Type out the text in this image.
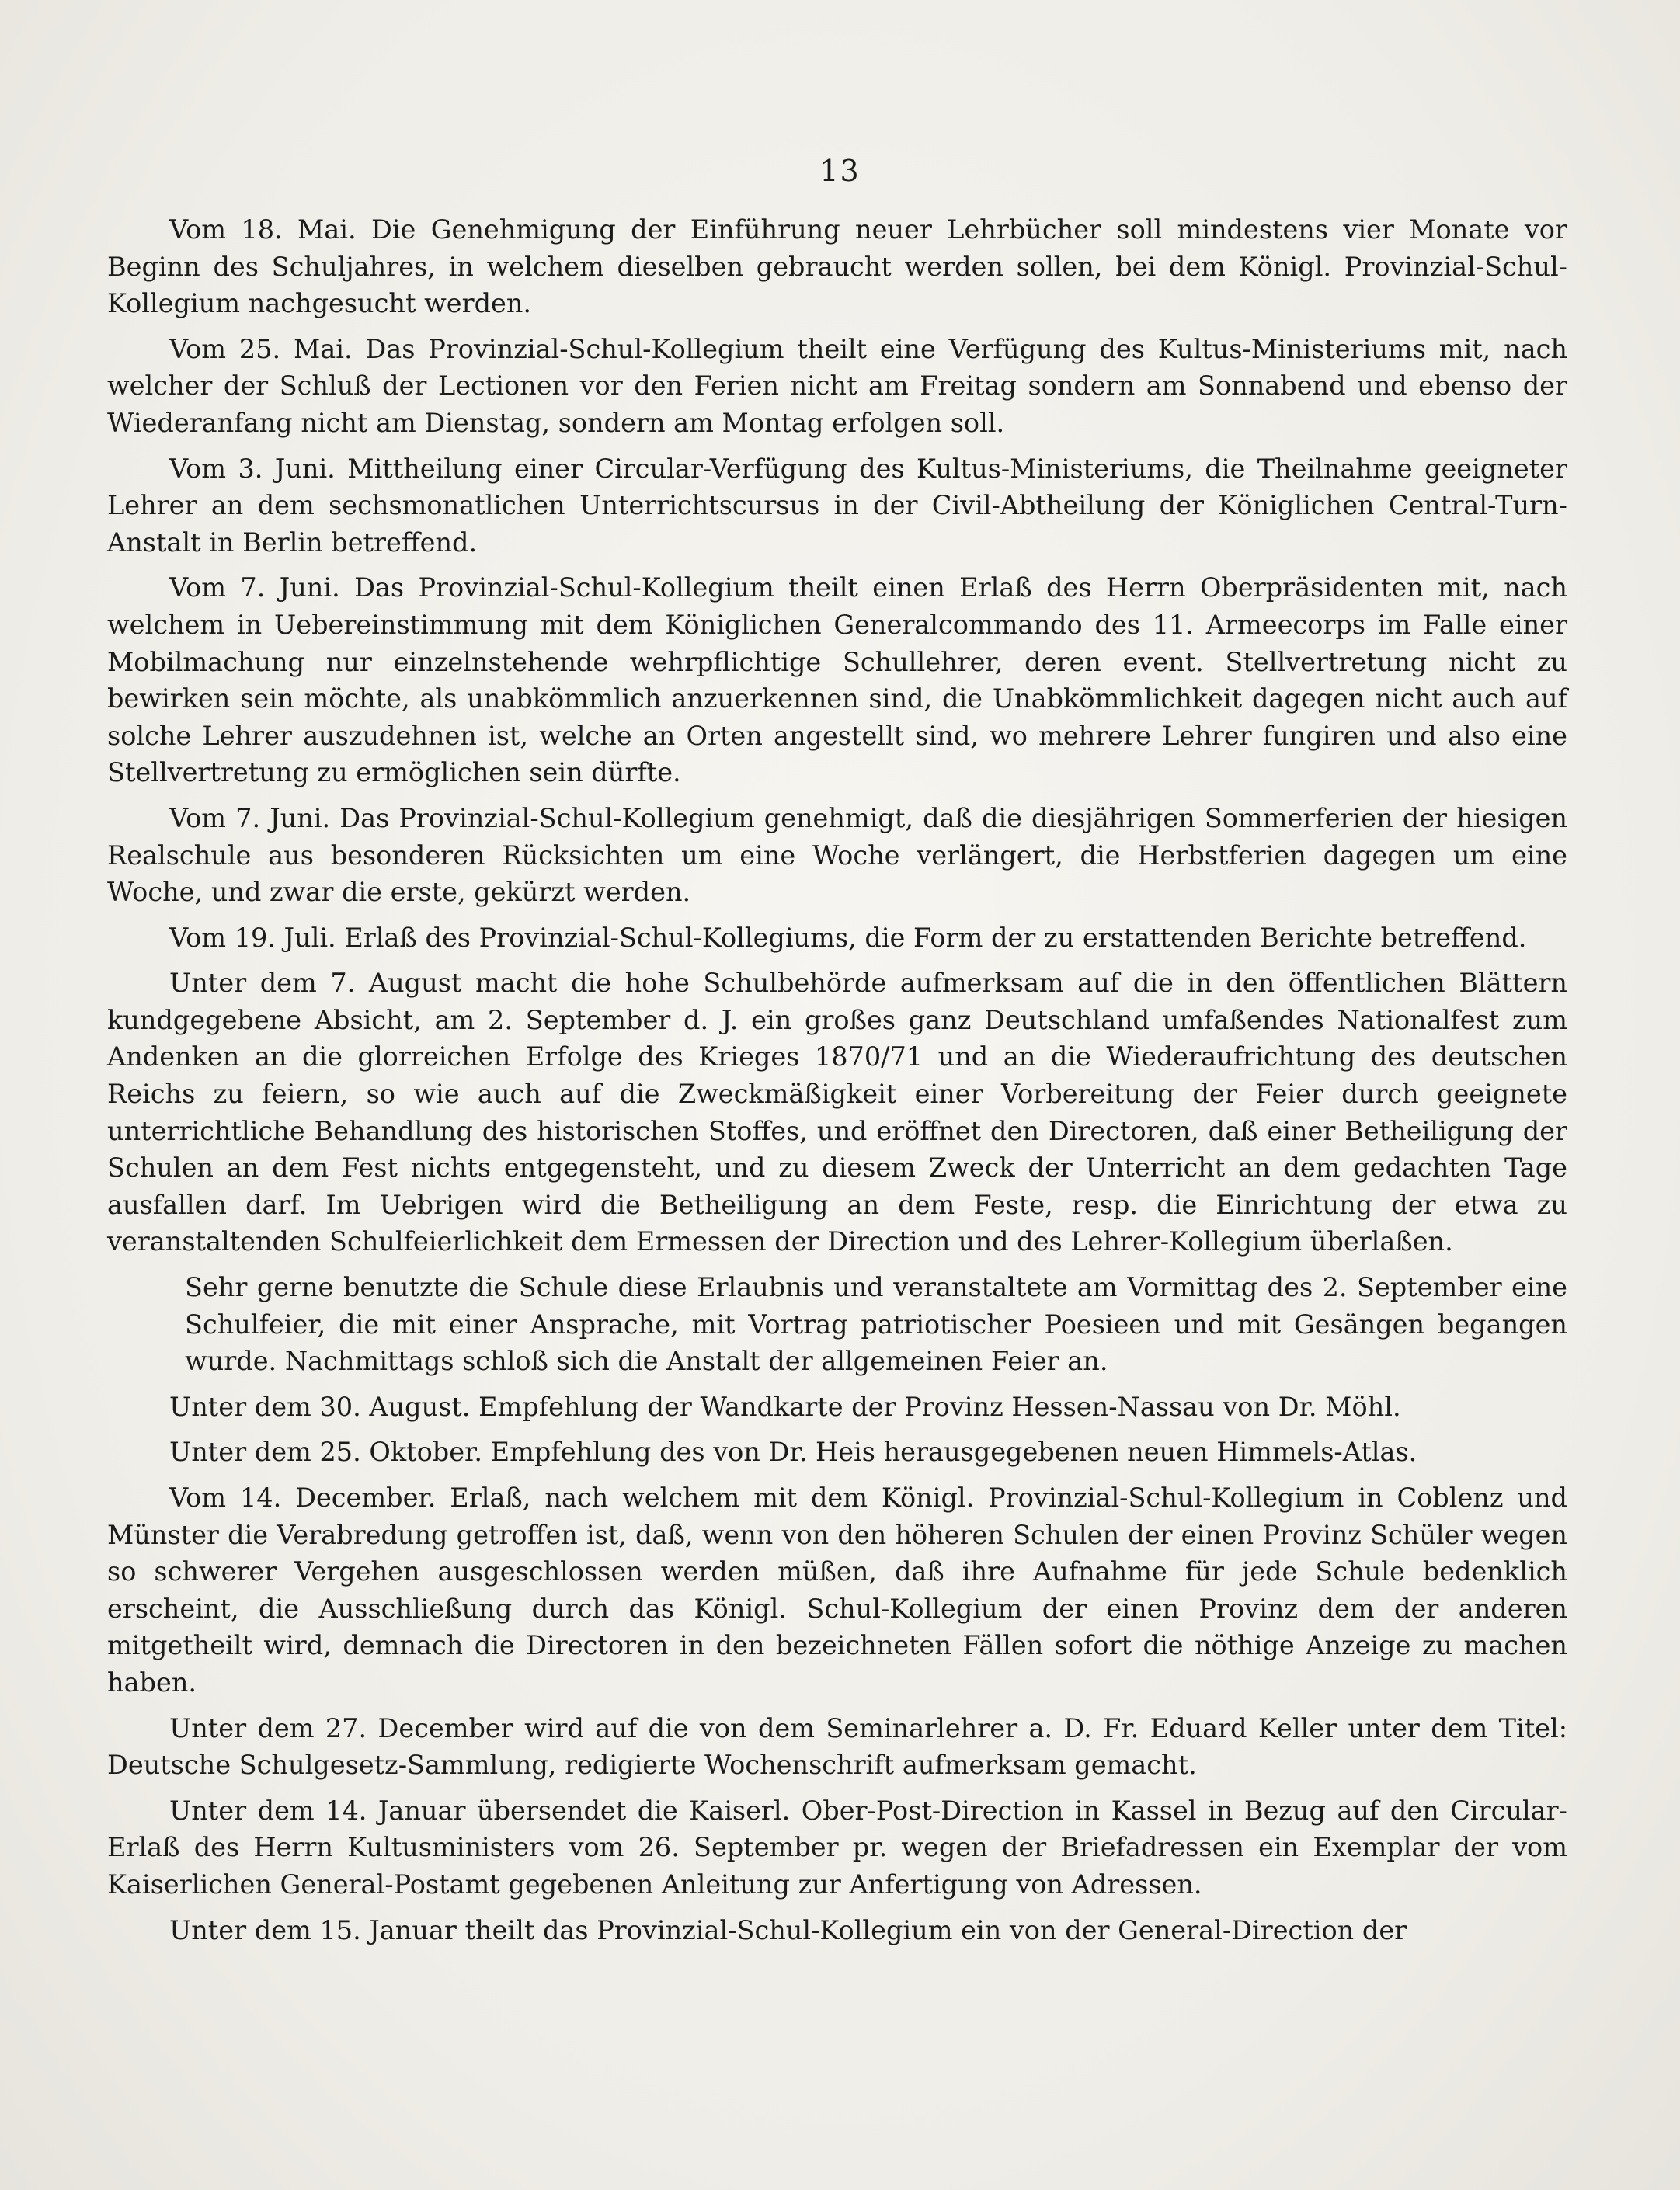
13

Vom 18. Mai. Die Genehmigung der Einführung neuer Lehrbücher soll mindestens vier Monate vor Beginn des Schuljahres, in welchem dieselben gebraucht werden sollen, bei dem Königl. Provinzial-Schul-Kollegium nachgesucht werden.

Vom 25. Mai. Das Provinzial-Schul-Kollegium theilt eine Verfügung des Kultus-Ministeriums mit, nach welcher der Schluß der Lectionen vor den Ferien nicht am Freitag sondern am Sonnabend und ebenso der Wiederanfang nicht am Dienstag, sondern am Montag erfolgen soll.

Vom 3. Juni. Mittheilung einer Circular-Verfügung des Kultus-Ministeriums, die Theilnahme geeigneter Lehrer an dem sechsmonatlichen Unterrichtscursus in der Civil-Abtheilung der Königlichen Central-Turn-Anstalt in Berlin betreffend.

Vom 7. Juni. Das Provinzial-Schul-Kollegium theilt einen Erlaß des Herrn Oberpräsidenten mit, nach welchem in Uebereinstimmung mit dem Königlichen Generalcommando des 11. Armeecorps im Falle einer Mobilmachung nur einzelnstehende wehrpflichtige Schullehrer, deren event. Stellvertretung nicht zu bewirken sein möchte, als unabkömmlich anzuerkennen sind, die Unabkömmlichkeit dagegen nicht auch auf solche Lehrer auszudehnen ist, welche an Orten angestellt sind, wo mehrere Lehrer fungiren und also eine Stellvertretung zu ermöglichen sein dürfte.

Vom 7. Juni. Das Provinzial-Schul-Kollegium genehmigt, daß die diesjährigen Sommerferien der hiesigen Realschule aus besonderen Rücksichten um eine Woche verlängert, die Herbstferien dagegen um eine Woche, und zwar die erste, gekürzt werden.

Vom 19. Juli. Erlaß des Provinzial-Schul-Kollegiums, die Form der zu erstattenden Berichte betreffend.

Unter dem 7. August macht die hohe Schulbehörde aufmerksam auf die in den öffentlichen Blättern kundgegebene Absicht, am 2. September d. J. ein großes ganz Deutschland umfaßendes Nationalfest zum Andenken an die glorreichen Erfolge des Krieges 1870/71 und an die Wiederaufrichtung des deutschen Reichs zu feiern, so wie auch auf die Zweckmäßigkeit einer Vorbereitung der Feier durch geeignete unterrichtliche Behandlung des historischen Stoffes, und eröffnet den Directoren, daß einer Betheiligung der Schulen an dem Fest nichts entgegensteht, und zu diesem Zweck der Unterricht an dem gedachten Tage ausfallen darf. Im Uebrigen wird die Betheiligung an dem Feste, resp. die Einrichtung der etwa zu veranstaltenden Schulfeierlichkeit dem Ermessen der Direction und des Lehrer-Kollegium überlaßen.

Sehr gerne benutzte die Schule diese Erlaubnis und veranstaltete am Vormittag des 2. September eine Schulfeier, die mit einer Ansprache, mit Vortrag patriotischer Poesieen und mit Gesängen begangen wurde. Nachmittags schloß sich die Anstalt der allgemeinen Feier an.

Unter dem 30. August. Empfehlung der Wandkarte der Provinz Hessen-Nassau von Dr. Möhl.

Unter dem 25. Oktober. Empfehlung des von Dr. Heis herausgegebenen neuen Himmels-Atlas.

Vom 14. December. Erlaß, nach welchem mit dem Königl. Provinzial-Schul-Kollegium in Coblenz und Münster die Verabredung getroffen ist, daß, wenn von den höheren Schulen der einen Provinz Schüler wegen so schwerer Vergehen ausgeschlossen werden müßen, daß ihre Aufnahme für jede Schule bedenklich erscheint, die Ausschließung durch das Königl. Schul-Kollegium der einen Provinz dem der anderen mitgetheilt wird, demnach die Directoren in den bezeichneten Fällen sofort die nöthige Anzeige zu machen haben.

Unter dem 27. December wird auf die von dem Seminarlehrer a. D. Fr. Eduard Keller unter dem Titel: Deutsche Schulgesetz-Sammlung, redigierte Wochenschrift aufmerksam gemacht.

Unter dem 14. Januar übersendet die Kaiserl. Ober-Post-Direction in Kassel in Bezug auf den Circular-Erlaß des Herrn Kultusministers vom 26. September pr. wegen der Briefadressen ein Exemplar der vom Kaiserlichen General-Postamt gegebenen Anleitung zur Anfertigung von Adressen.

Unter dem 15. Januar theilt das Provinzial-Schul-Kollegium ein von der General-Direction der
